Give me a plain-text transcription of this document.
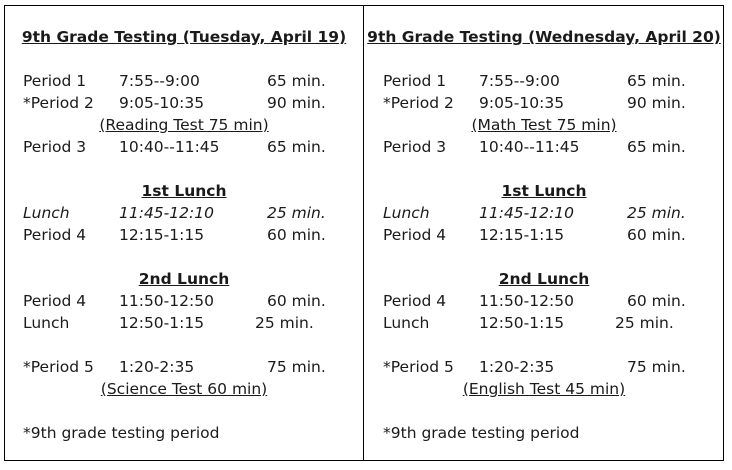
9th Grade Testing (Tuesday, April 19)
Period 1 7:55--9:00	65 min.
*Period 2 9:05-10:35	90 min.
(Reading Test 75 min)
Period 3 10:40--11:45	65 min.
1st Lunch
Lunch	11:45-12:10	25 min.
Period 4 12:15-1:15	60 min.
2nd Lunch
Period 4 11:50-12:50	60 min.
Lunch	12:50-1:15	25 min.
*Period 5 1:20-2:35	75 min.
(Science Test 60 min)
*9th grade testing period
9th Grade Testing (Wednesday, April 20)
Period 1 7:55--9:00	65 min.
*Period 2 9:05-10:35	90 min.
(Math Test 75 min)
Period 3 10:40--11:45	65 min.
1st Lunch
Lunch	11:45-12:10	25 min.
Period 4 12:15-1:15	60 min.
2nd Lunch
Period 4 11:50-12:50	60 min.
Lunch	12:50-1:15	25 min.
*Period 5 1:20-2:35	75 min.
(English Test 45 min)
*9th grade testing period
